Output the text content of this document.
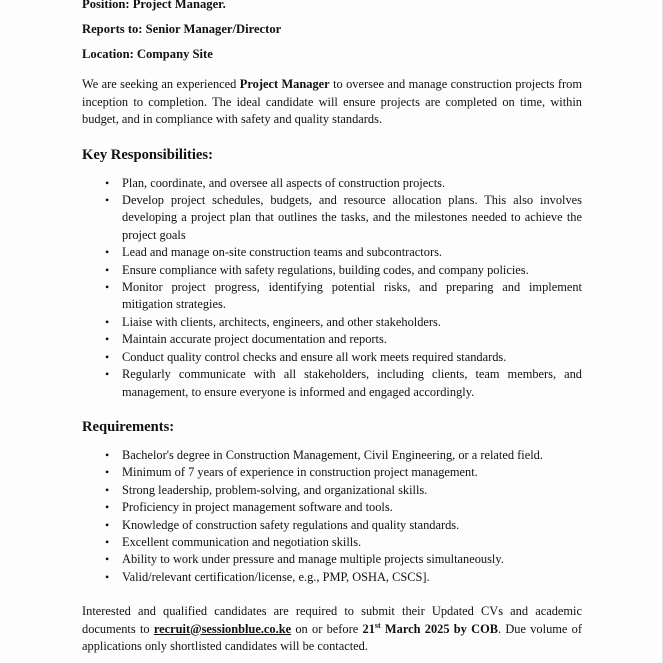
Position: Project Manager.

Reports to: Senior Manager/Director

Location: Company Site

We are seeking an experienced Project Manager to oversee and manage construction projects from inception to completion. The ideal candidate will ensure projects are completed on time, within budget, and in compliance with safety and quality standards.

Key Responsibilities:
• Plan, coordinate, and oversee all aspects of construction projects.
• Develop project schedules, budgets, and resource allocation plans. This also involves developing a project plan that outlines the tasks, and the milestones needed to achieve the project goals
• Lead and manage on-site construction teams and subcontractors.
• Ensure compliance with safety regulations, building codes, and company policies.
• Monitor project progress, identifying potential risks, and preparing and implement mitigation strategies.
• Liaise with clients, architects, engineers, and other stakeholders.
• Maintain accurate project documentation and reports.
• Conduct quality control checks and ensure all work meets required standards.
• Regularly communicate with all stakeholders, including clients, team members, and management, to ensure everyone is informed and engaged accordingly.
Requirements:
• Bachelor's degree in Construction Management, Civil Engineering, or a related field.
• Minimum of 7 years of experience in construction project management.
• Strong leadership, problem-solving, and organizational skills.
• Proficiency in project management software and tools.
• Knowledge of construction safety regulations and quality standards.
• Excellent communication and negotiation skills.
• Ability to work under pressure and manage multiple projects simultaneously.
• Valid/relevant certification/license, e.g., PMP, OSHA, CSCS].

Interested and qualified candidates are required to submit their Updated CVs and academic documents to recruit@sessionblue.co.ke on or before 21st March 2025 by COB. Due volume of applications only shortlisted candidates will be contacted.
